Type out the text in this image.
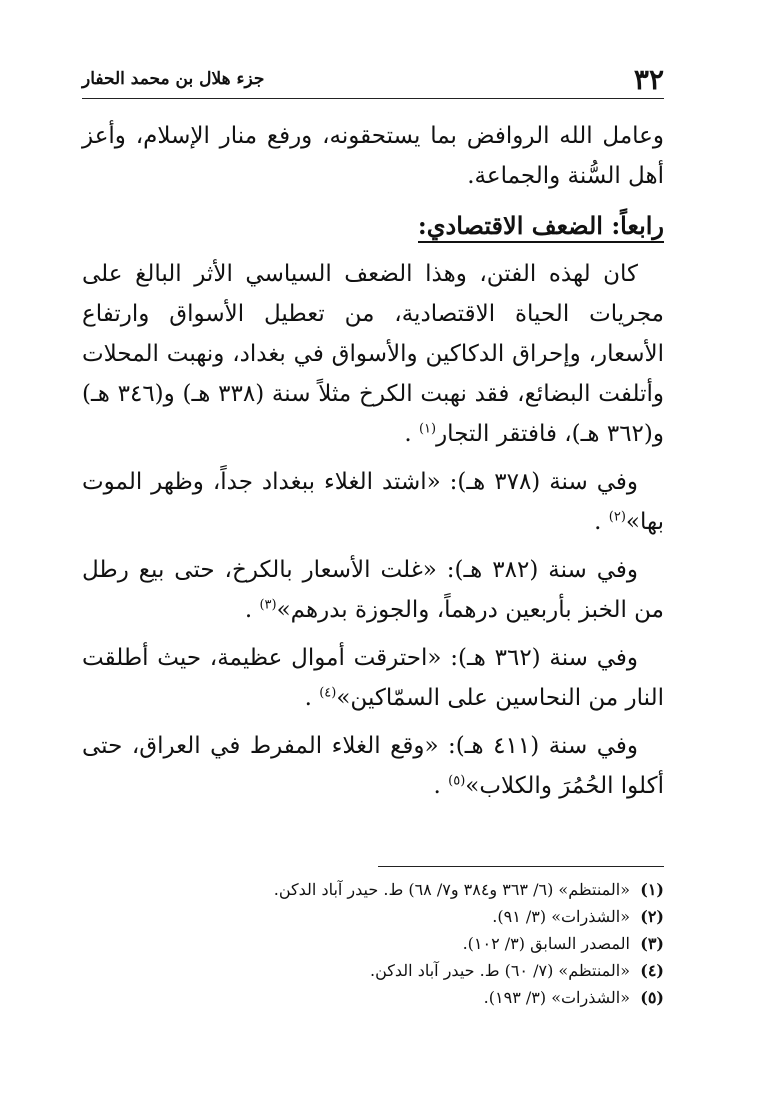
٣٢
جزء هلال بن محمد الحفار

وعامل الله الروافض بما يستحقونه، ورفع منار الإسلام، وأعز أهل السُّنة والجماعة.

رابعاً: الضعف الاقتصادي:

كان لهذه الفتن، وهذا الضعف السياسي الأثر البالغ على مجريات الحياة الاقتصادية، من تعطيل الأسواق وارتفاع الأسعار، وإحراق الدكاكين والأسواق في بغداد، ونهبت المحلات وأتلفت البضائع، فقد نهبت الكرخ مثلاً سنة (٣٣٨ هـ) و(٣٤٦ هـ) و(٣٦٢ هـ)، فافتقر التجار$^{(١)}$ .

وفي سنة (٣٧٨ هـ): «اشتد الغلاء ببغداد جداً، وظهر الموت بها»$^{(٢)}$ .

وفي سنة (٣٨٢ هـ): «غلت الأسعار بالكرخ، حتى بيع رطل من الخبز بأربعين درهماً، والجوزة بدرهم»$^{(٣)}$ .

وفي سنة (٣٦٢ هـ): «احترقت أموال عظيمة، حيث أطلقت النار من النحاسين على السمّاكين»$^{(٤)}$ .

وفي سنة (٤١١ هـ): «وقع الغلاء المفرط في العراق، حتى أكلوا الحُمُرَ والكلاب»$^{(٥)}$ .

(١)«المنتظم» (٦/ ٣٦٣ و٣٨٤ و٧/ ٦٨) ط. حيدر آباد الدكن.
(٢)«الشذرات» (٣/ ٩١).
(٣)المصدر السابق (٣/ ١٠٢).
(٤)«المنتظم» (٧/ ٦٠) ط. حيدر آباد الدكن.
(٥)«الشذرات» (٣/ ١٩٣).
